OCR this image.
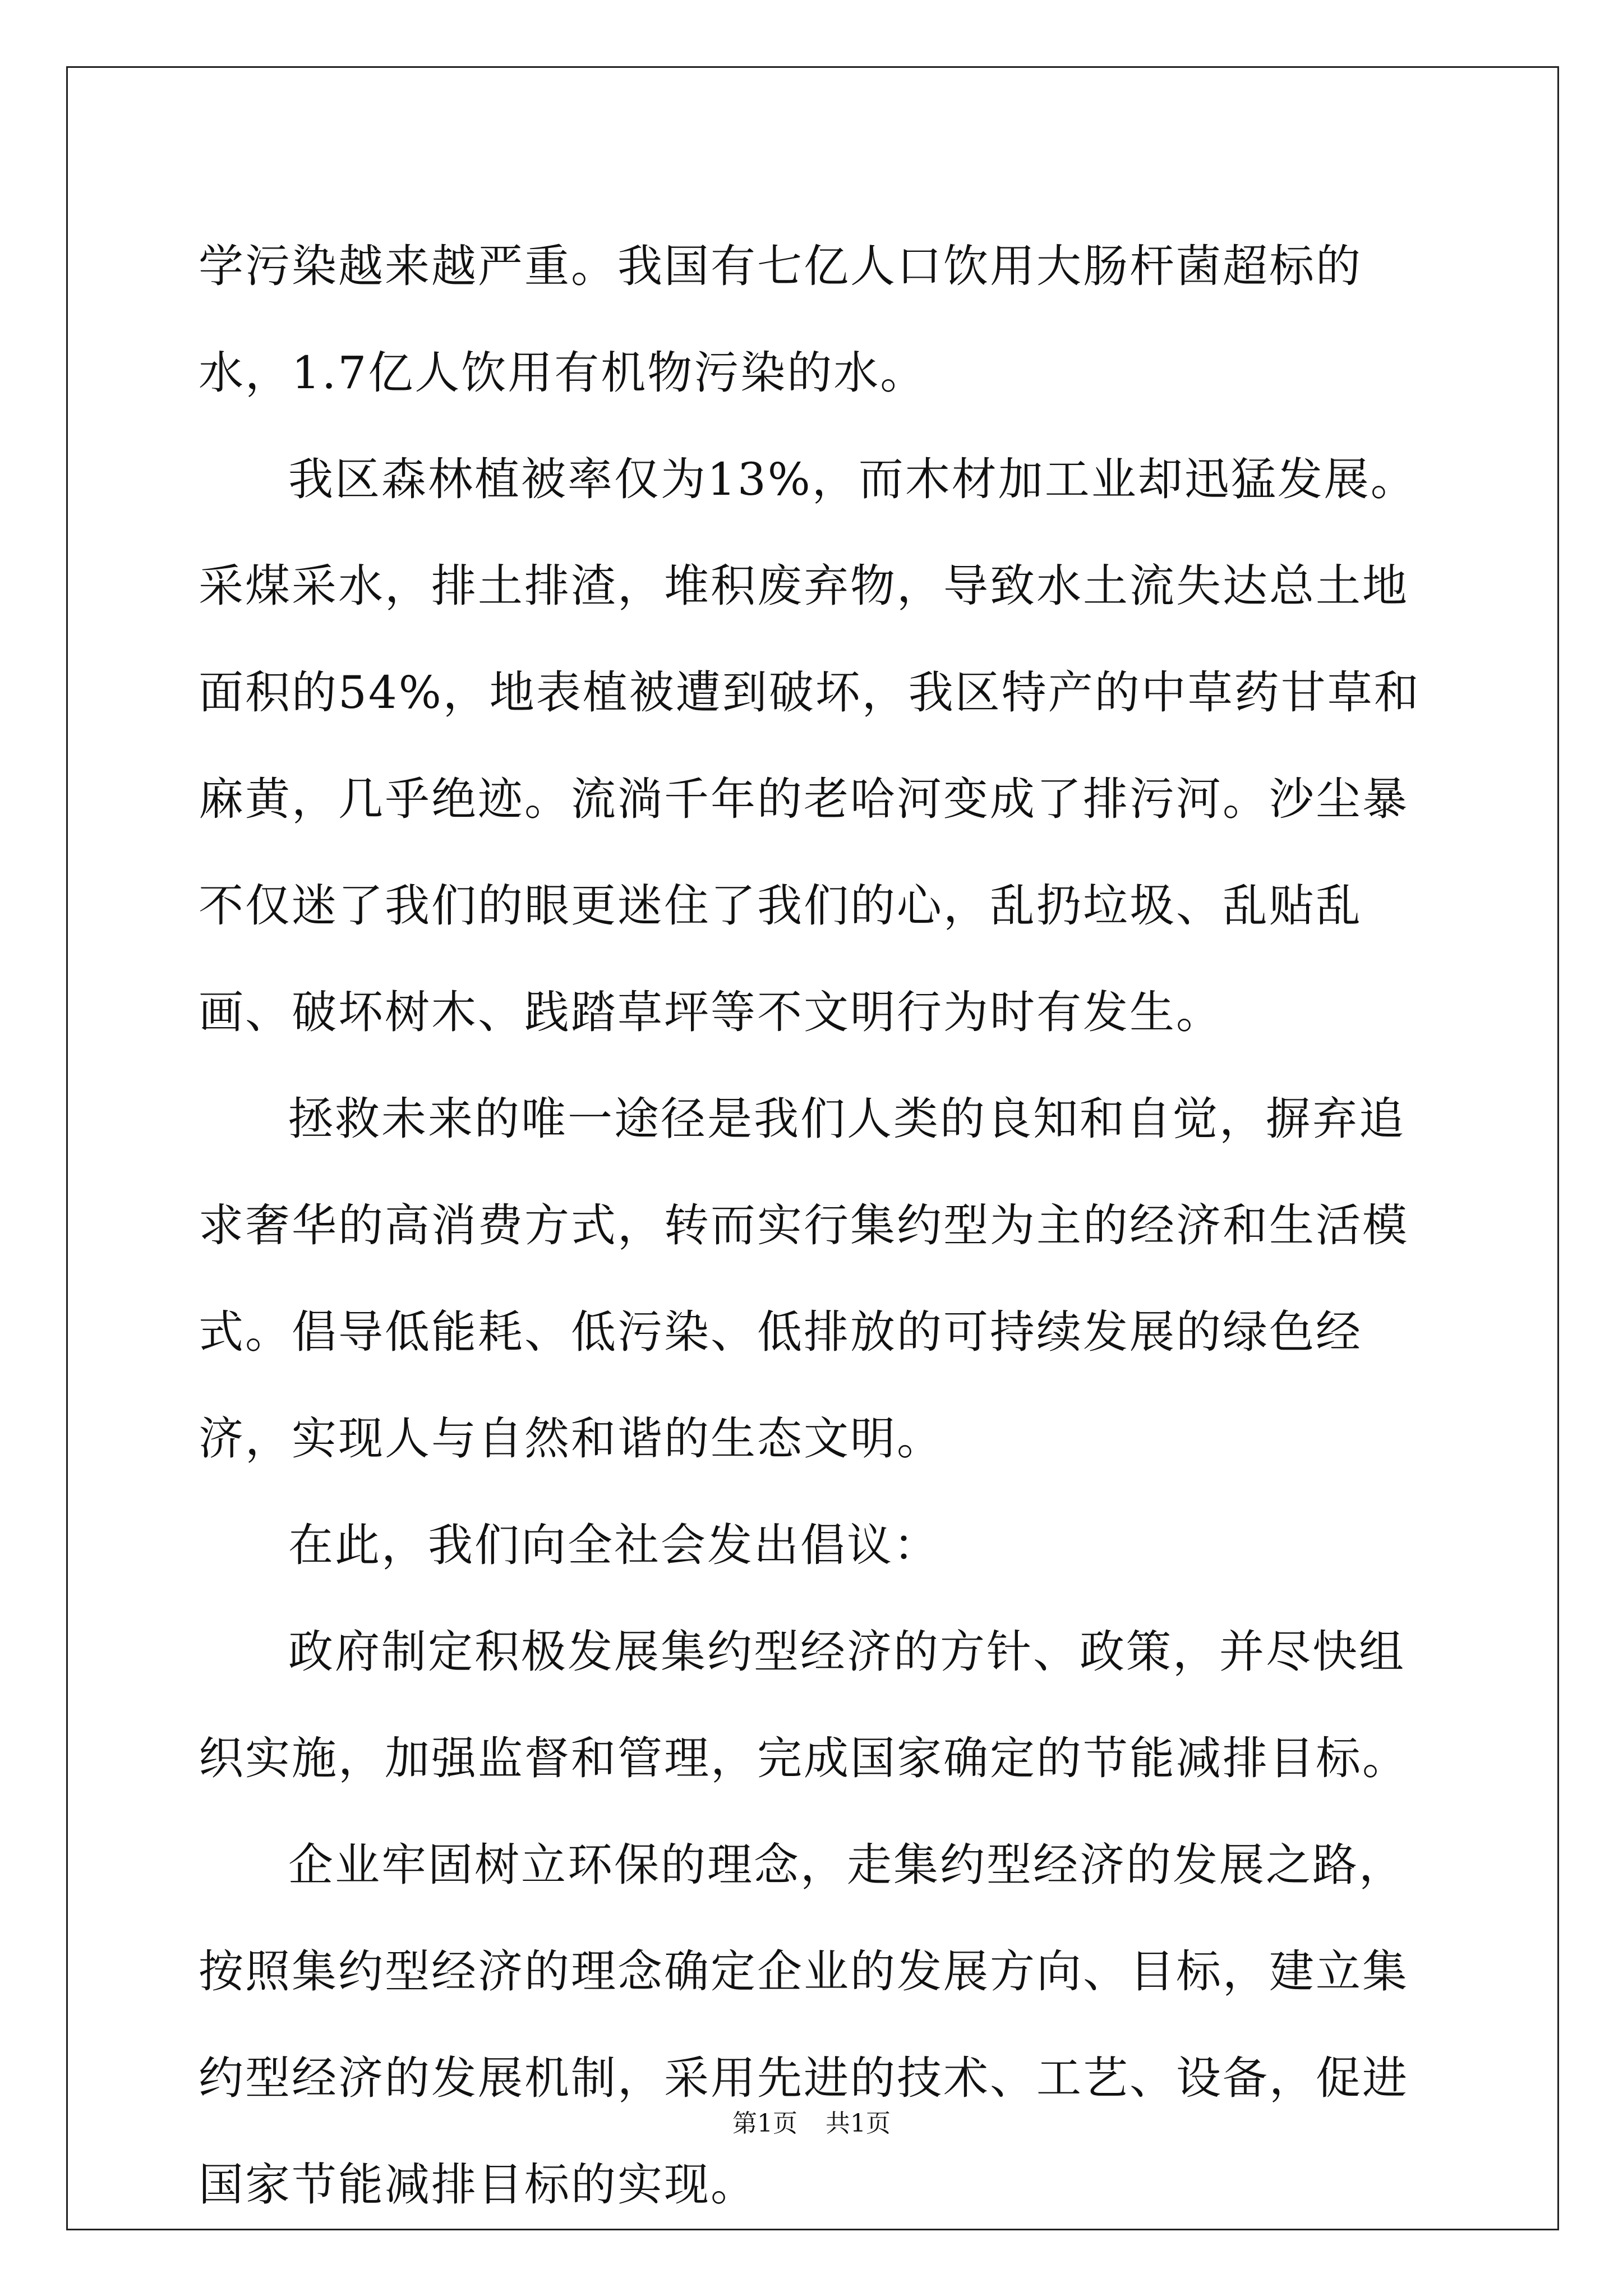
学污染越来越严重。我国有七亿人口饮用大肠杆菌超标的水，1.7亿人饮用有机物污染的水。

我区森林植被率仅为13%，而木材加工业却迅猛发展。采煤采水，排土排渣，堆积废弃物，导致水土流失达总土地面积的54%，地表植被遭到破坏，我区特产的中草药甘草和麻黄，几乎绝迹。流淌千年的老哈河变成了排污河。沙尘暴不仅迷了我们的眼更迷住了我们的心，乱扔垃圾、乱贴乱画、破坏树木、践踏草坪等不文明行为时有发生。

拯救未来的唯一途径是我们人类的良知和自觉，摒弃追求奢华的高消费方式，转而实行集约型为主的经济和生活模式。倡导低能耗、低污染、低排放的可持续发展的绿色经济，实现人与自然和谐的生态文明。

在此，我们向全社会发出倡议：

政府制定积极发展集约型经济的方针、政策，并尽快组织实施，加强监督和管理，完成国家确定的节能减排目标。

企业牢固树立环保的理念，走集约型经济的发展之路，按照集约型经济的理念确定企业的发展方向、目标，建立集约型经济的发展机制，采用先进的技术、工艺、设备，促进国家节能减排目标的实现。

第1页 共1页
